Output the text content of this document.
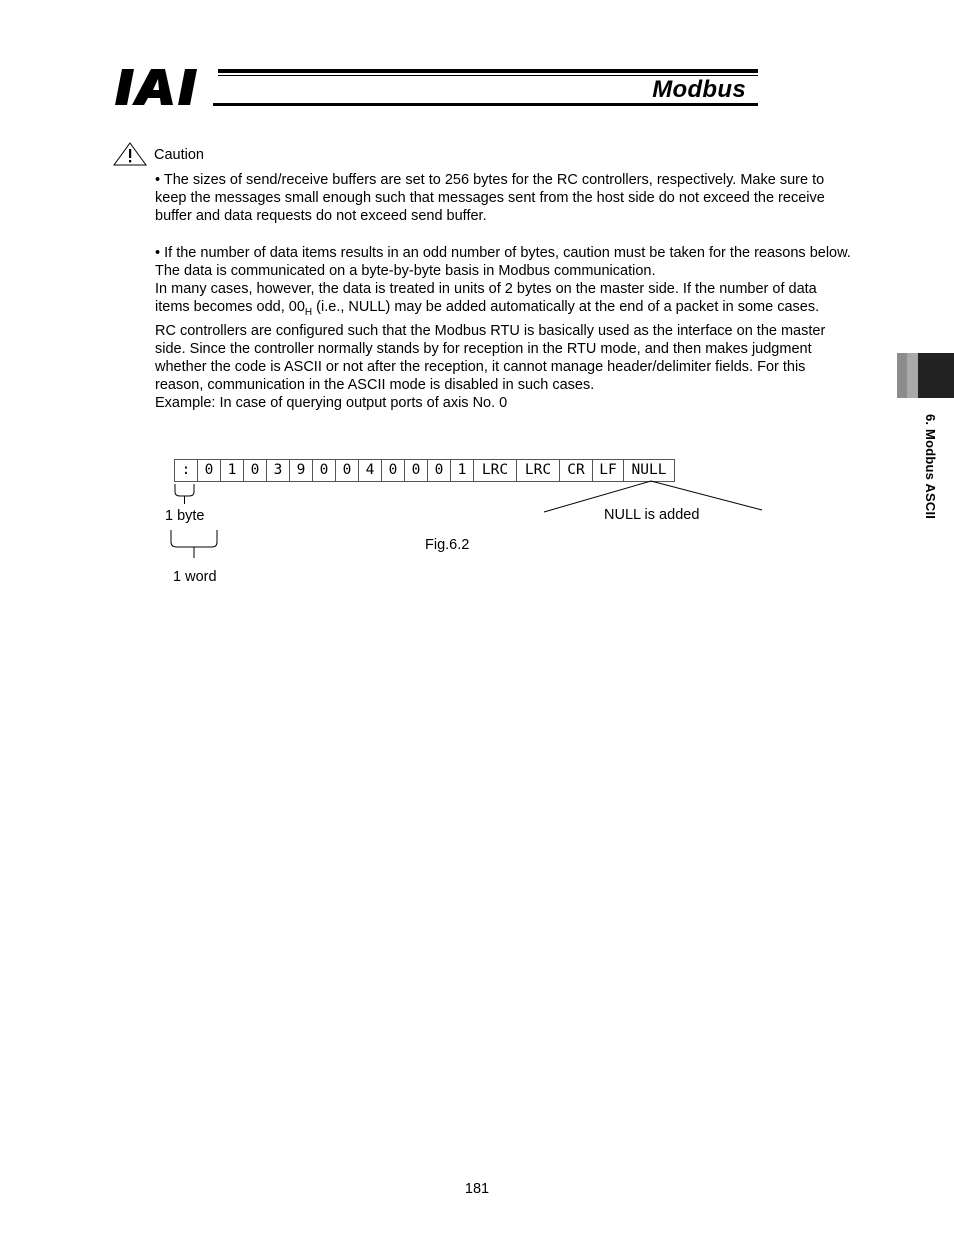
Modbus
6. Modbus ASCII
Caution

• The sizes of send/receive buffers are set to 256 bytes for the RC controllers, respectively. Make sure to keep the messages small enough such that messages sent from the host side do not exceed the receive buffer and data requests do not exceed send buffer.

• If the number of data items results in an odd number of bytes, caution must be taken for the reasons below.

The data is communicated on a byte-by-byte basis in Modbus communication.

In many cases, however, the data is treated in units of 2 bytes on the master side. If the number of data items becomes odd, $00_H$ (i.e., NULL) may be added automatically at the end of a packet in some cases.

RC controllers are configured such that the Modbus RTU is basically used as the interface on the master side. Since the controller normally stands by for reception in the RTU mode, and then makes judgment whether the code is ASCII or not after the reception, it cannot manage header/delimiter fields. For this reason, communication in the ASCII mode is disabled in such cases.

Example: In case of querying output ports of axis No. 0

: 0 1 0 3 9 0 0 4 0 0 0 1	LRC	LRC	CR	LF	NULL
1 byte
1 word
NULL is added
Fig.6.2
181
